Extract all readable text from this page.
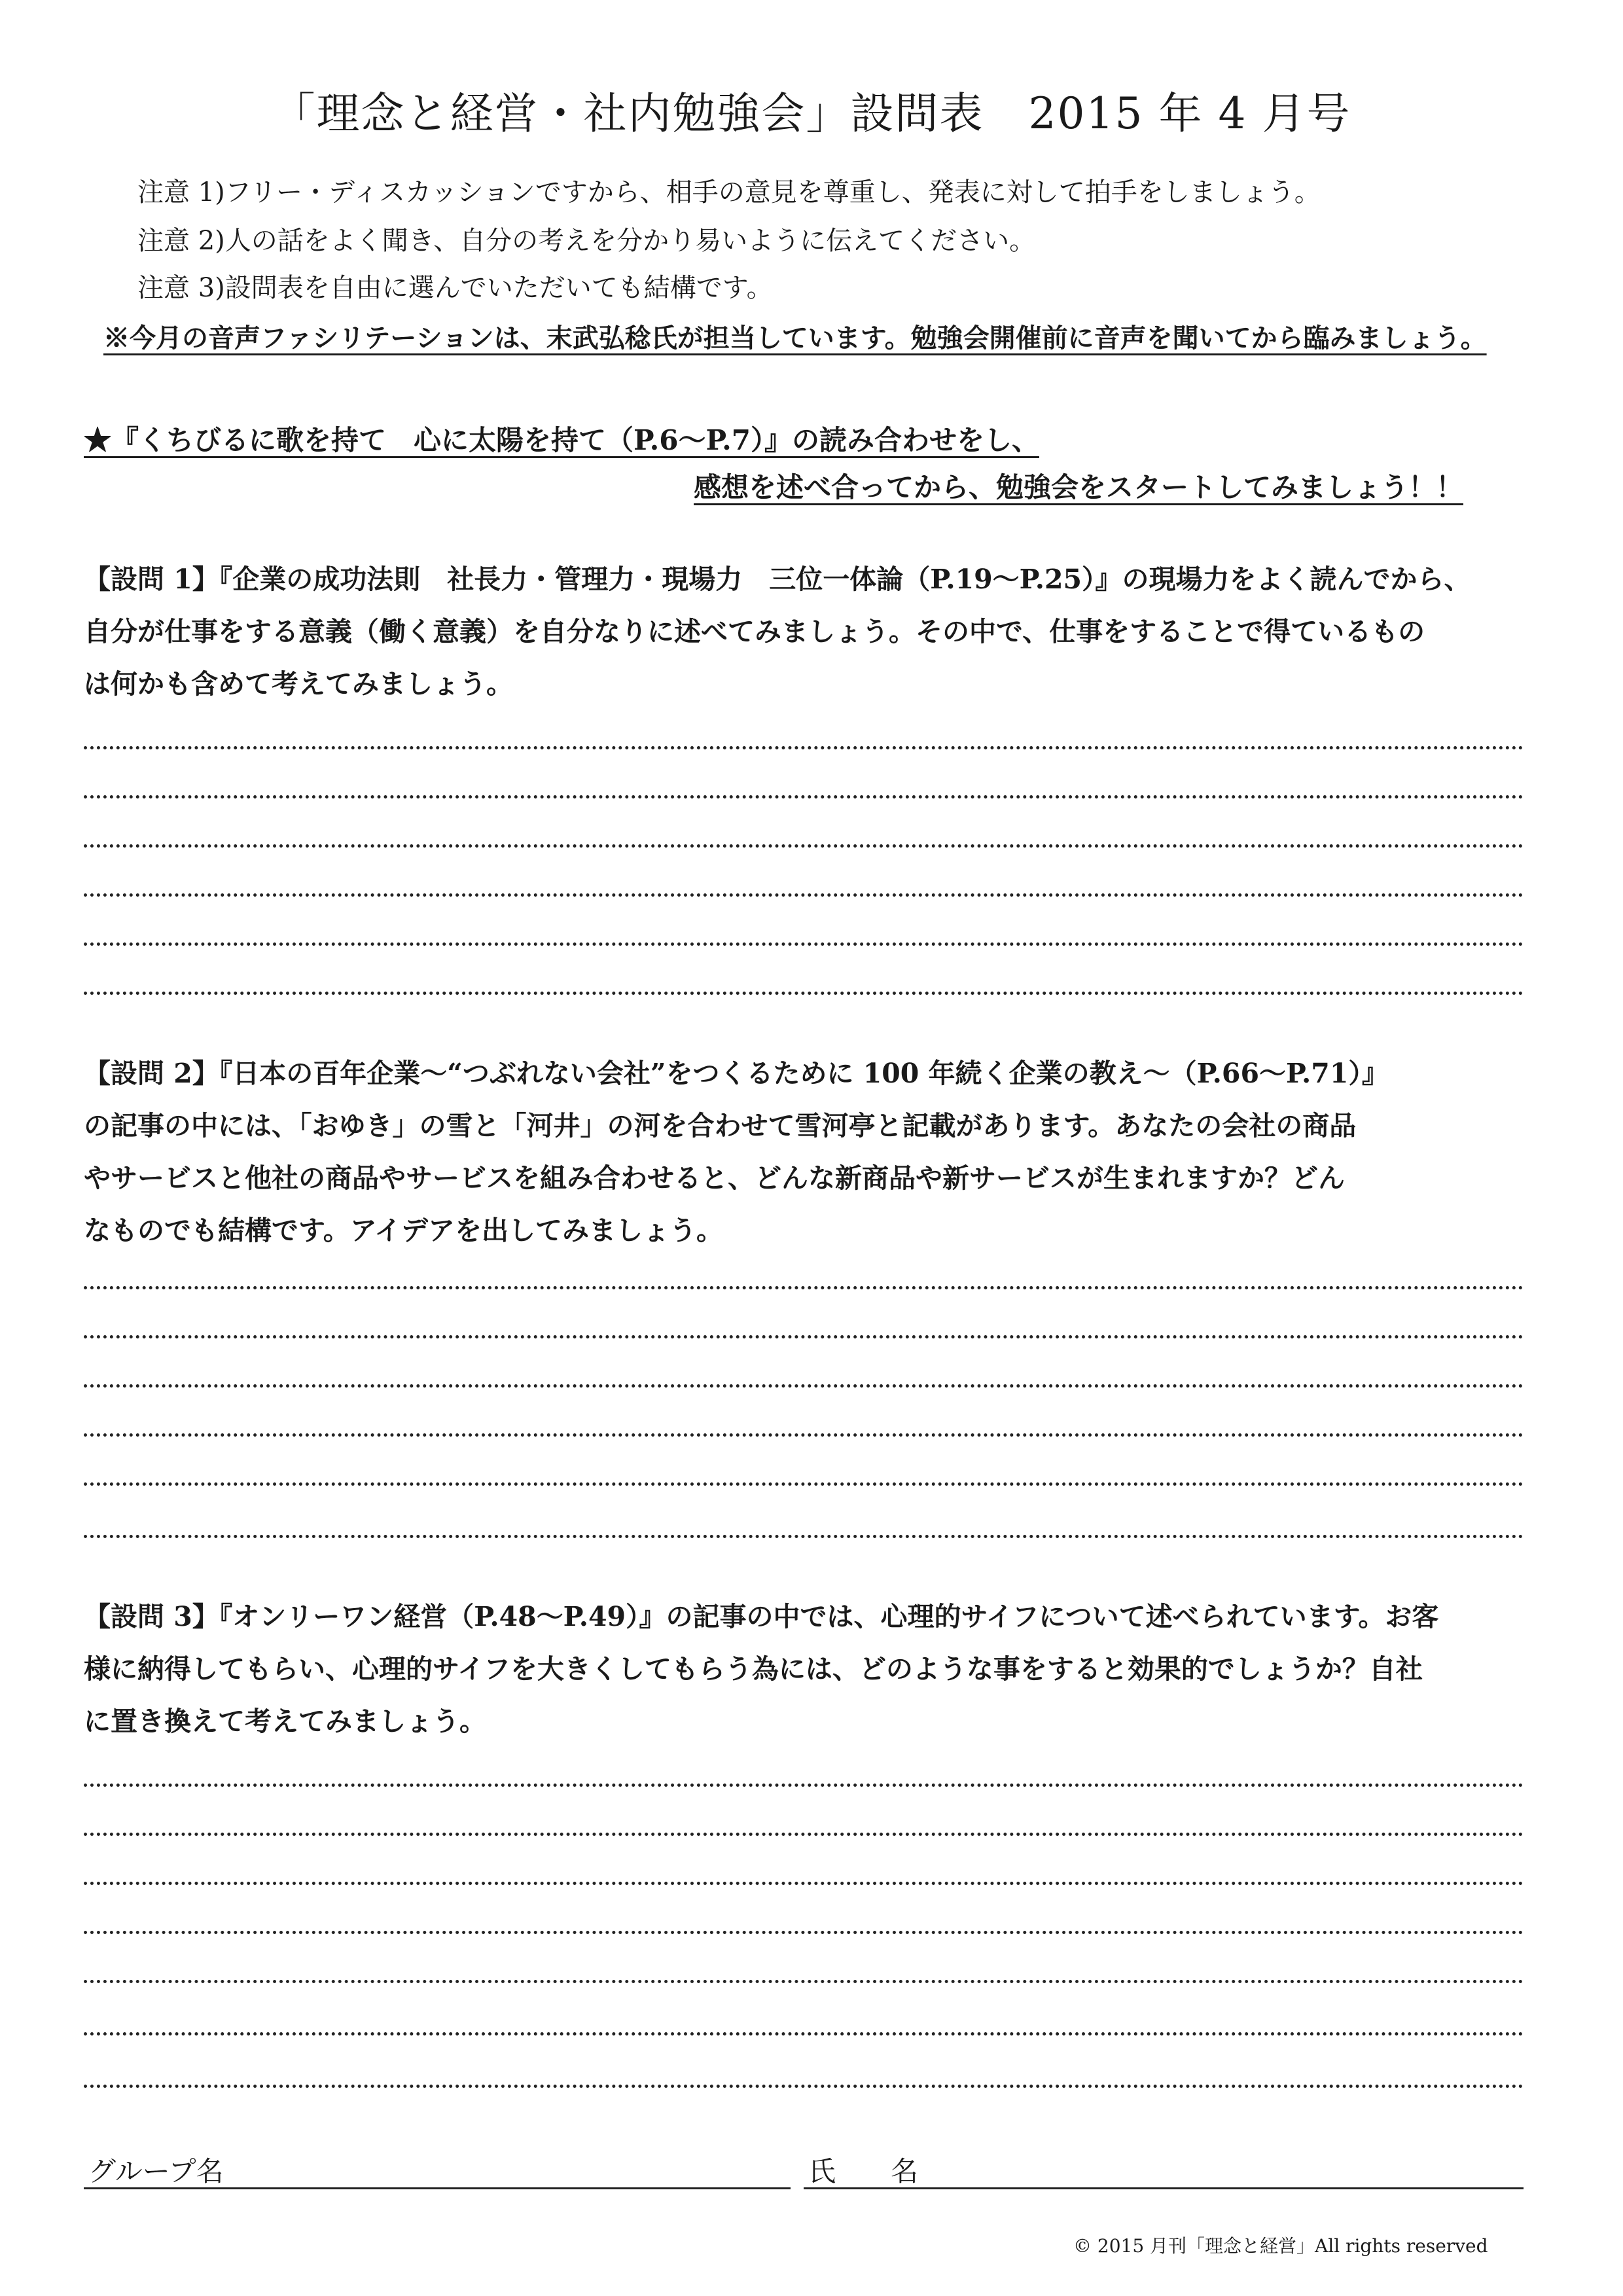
「理念と経営・社内勉強会」設問表　2015 年 4 月号
注意 1)フリー・ディスカッションですから、相手の意見を尊重し、発表に対して拍手をしましょう。
注意 2)人の話をよく聞き、自分の考えを分かり易いように伝えてください。
注意 3)設問表を自由に選んでいただいても結構です。
※今月の音声ファシリテーションは、末武弘稔氏が担当しています。勉強会開催前に音声を聞いてから臨みましょう。
★『くちびるに歌を持て　心に太陽を持て（P.6～P.7）』の読み合わせをし、
感想を述べ合ってから、勉強会をスタートしてみましょう！！
【設問 1】『企業の成功法則　社長力・管理力・現場力　三位一体論（P.19～P.25）』の現場力をよく読んでから、
自分が仕事をする意義（働く意義）を自分なりに述べてみましょう。その中で、仕事をすることで得ているもの
は何かも含めて考えてみましょう。
【設問 2】『日本の百年企業～“つぶれない会社”をつくるために 100 年続く企業の教え～（P.66～P.71）』
の記事の中には、「おゆき」の雪と「河井」の河を合わせて雪河亭と記載があります。あなたの会社の商品
やサービスと他社の商品やサービスを組み合わせると、どんな新商品や新サービスが生まれますか？どん
なものでも結構です。アイデアを出してみましょう。
【設問 3】『オンリーワン経営（P.48～P.49）』の記事の中では、心理的サイフについて述べられています。お客
様に納得してもらい、心理的サイフを大きくしてもらう為には、どのような事をすると効果的でしょうか？自社
に置き換えて考えてみましょう。
グループ名	氏　　名
© 2015 月刊「理念と経営」All rights reserved
